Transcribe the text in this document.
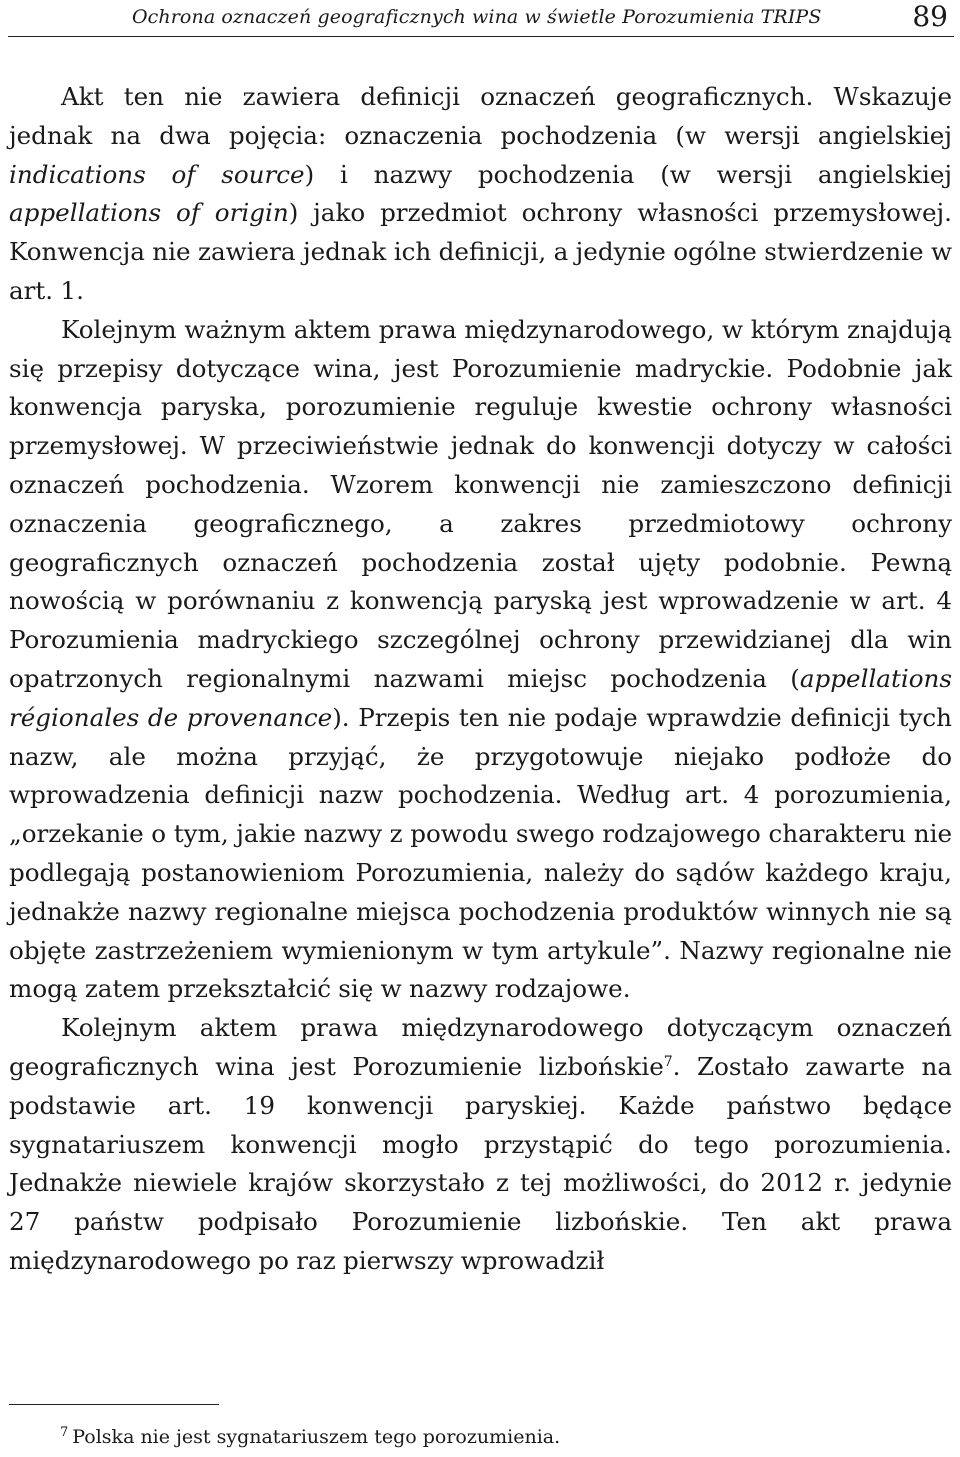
Ochrona oznaczeń geograficznych wina w świetle Porozumienia TRIPS	89

Akt ten nie zawiera definicji oznaczeń geograficznych. Wskazuje jednak na dwa pojęcia: oznaczenia pochodzenia (w wersji angielskiej indications of source) i nazwy pochodzenia (w wersji angielskiej appellations of origin) jako przedmiot ochrony własności przemysłowej. Konwencja nie zawiera jednak ich definicji, a jedynie ogólne stwierdzenie w art. 1.

Kolejnym ważnym aktem prawa międzynarodowego, w którym znajdują się przepisy dotyczące wina, jest Porozumienie madryckie. Podobnie jak konwencja paryska, porozumienie reguluje kwestie ochrony własności przemysłowej. W przeciwieństwie jednak do konwencji dotyczy w całości oznaczeń pochodzenia. Wzorem konwencji nie zamieszczono definicji oznaczenia geograficznego, a zakres przedmiotowy ochrony geograficznych oznaczeń pochodzenia został ujęty podobnie. Pewną nowością w porównaniu z konwencją paryską jest wprowadzenie w art. 4 Porozumienia madryckiego szczególnej ochrony przewidzianej dla win opatrzonych regionalnymi nazwami miejsc pochodzenia (appellations régionales de provenance). Przepis ten nie podaje wprawdzie definicji tych nazw, ale można przyjąć, że przygotowuje niejako podłoże do wprowadzenia definicji nazw pochodzenia. Według art. 4 porozumienia, „orzekanie o tym, jakie nazwy z powodu swego rodzajowego charakteru nie podlegają postanowieniom Porozumienia, należy do sądów każdego kraju, jednakże nazwy regionalne miejsca pochodzenia produktów winnych nie są objęte zastrzeżeniem wymienionym w tym artykule”. Nazwy regionalne nie mogą zatem przekształcić się w nazwy rodzajowe.

Kolejnym aktem prawa międzynarodowego dotyczącym oznaczeń geograficznych wina jest Porozumienie lizbońskie$^7$. Zostało zawarte na podstawie art. 19 konwencji paryskiej. Każde państwo będące sygnatariuszem konwencji mogło przystąpić do tego porozumienia. Jednakże niewiele krajów skorzystało z tej możliwości, do 2012 r. jedynie 27 państw podpisało Porozumienie lizbońskie. Ten akt prawa międzynarodowego po raz pierwszy wprowadził

$^7$ Polska nie jest sygnatariuszem tego porozumienia.
